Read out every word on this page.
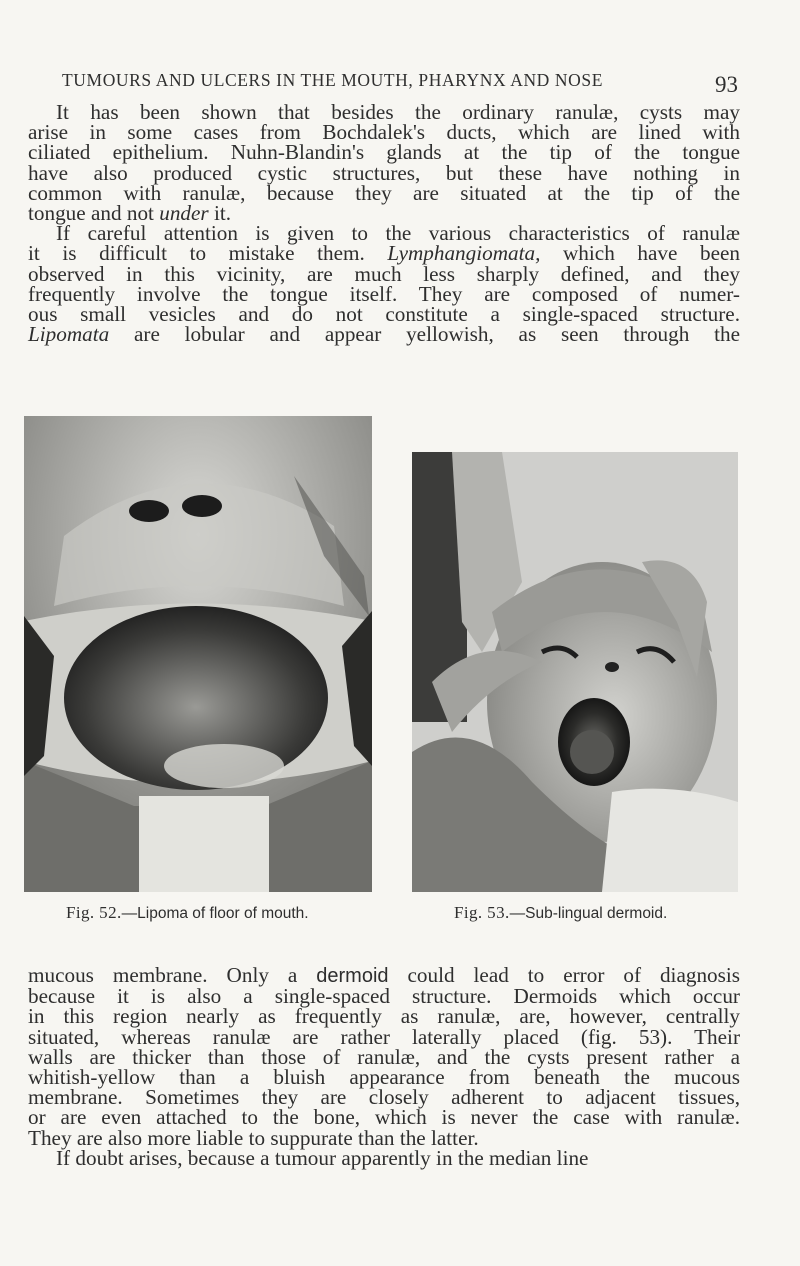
TUMOURS AND ULCERS IN THE MOUTH, PHARYNX AND NOSE	93

It has been shown that besides the ordinary ranulæ, cysts may

arise in some cases from Bochdalek's ducts, which are lined with

ciliated epithelium. Nuhn-Blandin's glands at the tip of the tongue

have also produced cystic structures, but these have nothing in

common with ranulæ, because they are situated at the tip of the

tongue and not under it.

If careful attention is given to the various characteristics of ranulæ

it is difficult to mistake them. Lymphangiomata, which have been

observed in this vicinity, are much less sharply defined, and they

frequently involve the tongue itself. They are composed of numer-

ous small vesicles and do not constitute a single-spaced structure.

Lipomata are lobular and appear yellowish, as seen through the

Fig. 52.—Lipoma of floor of mouth.	Fig. 53.—Sub-lingual dermoid.

mucous membrane. Only a dermoid could lead to error of diagnosis

because it is also a single-spaced structure. Dermoids which occur

in this region nearly as frequently as ranulæ, are, however, centrally

situated, whereas ranulæ are rather laterally placed (fig. 53). Their

walls are thicker than those of ranulæ, and the cysts present rather a

whitish-yellow than a bluish appearance from beneath the mucous

membrane. Sometimes they are closely adherent to adjacent tissues,

or are even attached to the bone, which is never the case with ranulæ.

They are also more liable to suppurate than the latter.

If doubt arises, because a tumour apparently in the median line
